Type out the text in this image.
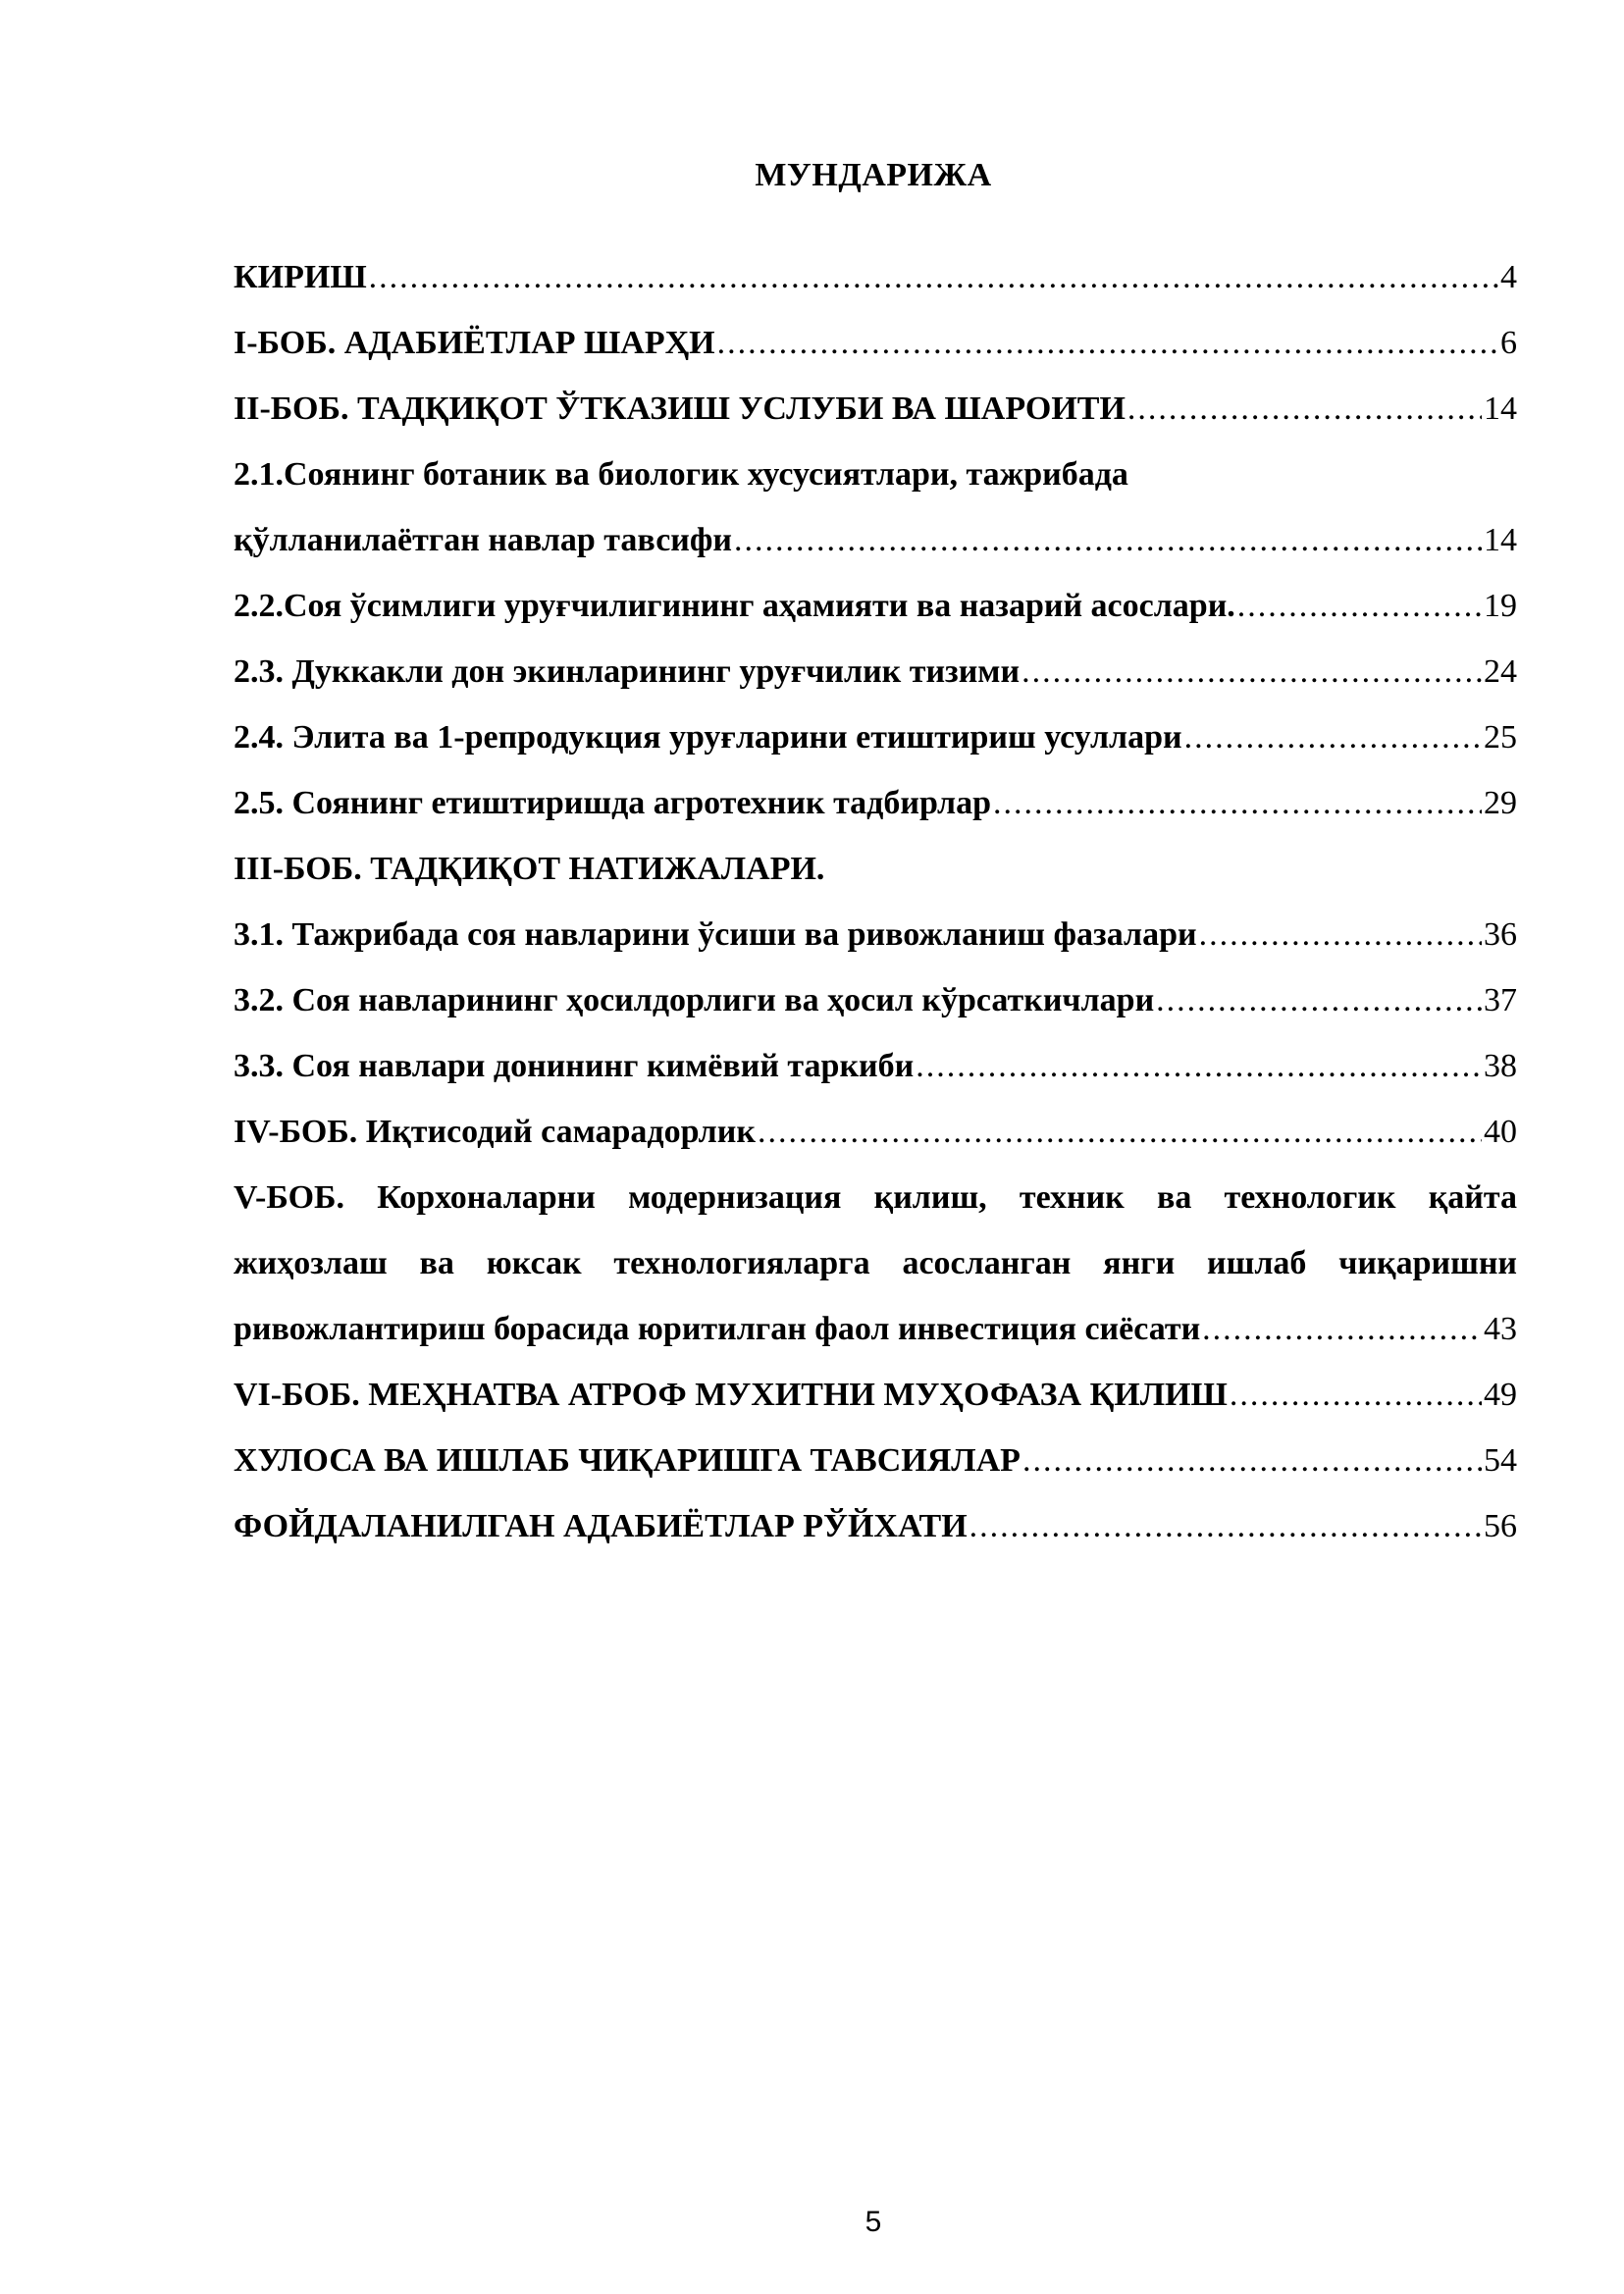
МУНДАРИЖА
КИРИШ .....	4
I-БОБ. АДАБИЁТЛАР ШАРҲИ .....	6
II-БОБ. ТАДҚИҚОТ ЎТКАЗИШ УСЛУБИ ВА ШАРОИТИ .....	14
2.1.Соянинг ботаник ва биологик хусусиятлари, тажрибада
қўлланилаётган навлар тавсифи .....	14
2.2.Соя ўсимлиги уруғчилигининг аҳамияти ва назарий асослари. .....	19
2.3. Дуккакли дон экинларининг уруғчилик тизими .....	24
2.4. Элита ва 1-репродукция уруғларини етиштириш усуллари .....	25
2.5. Соянинг етиштиришда агротехник тадбирлар .....	29
III-БОБ. ТАДҚИҚОТ НАТИЖАЛАРИ.
3.1. Тажрибада соя навларини ўсиши ва ривожланиш фазалари .....	36
3.2. Соя навларининг ҳосилдорлиги ва ҳосил кўрсаткичлари .....	37
3.3. Соя навлари донининг кимёвий таркиби .....	38
IV-БОБ. Иқтисодий самарадорлик .....	40
V-БОБ. Корхоналарни модернизация қилиш, техник ва технологик қайта
жиҳозлаш ва юксак технологияларга асосланган янги ишлаб чиқаришни
ривожлантириш борасида юритилган фаол инвестиция сиёсати .....	43
VI-БОБ. МЕҲНАТВА АТРОФ МУХИТНИ МУҲОФАЗА ҚИЛИШ .....	49
ХУЛОСА ВА ИШЛАБ ЧИҚАРИШГА ТАВСИЯЛАР .....	54
ФОЙДАЛАНИЛГАН АДАБИЁТЛАР РЎЙХАТИ .....	56
5
